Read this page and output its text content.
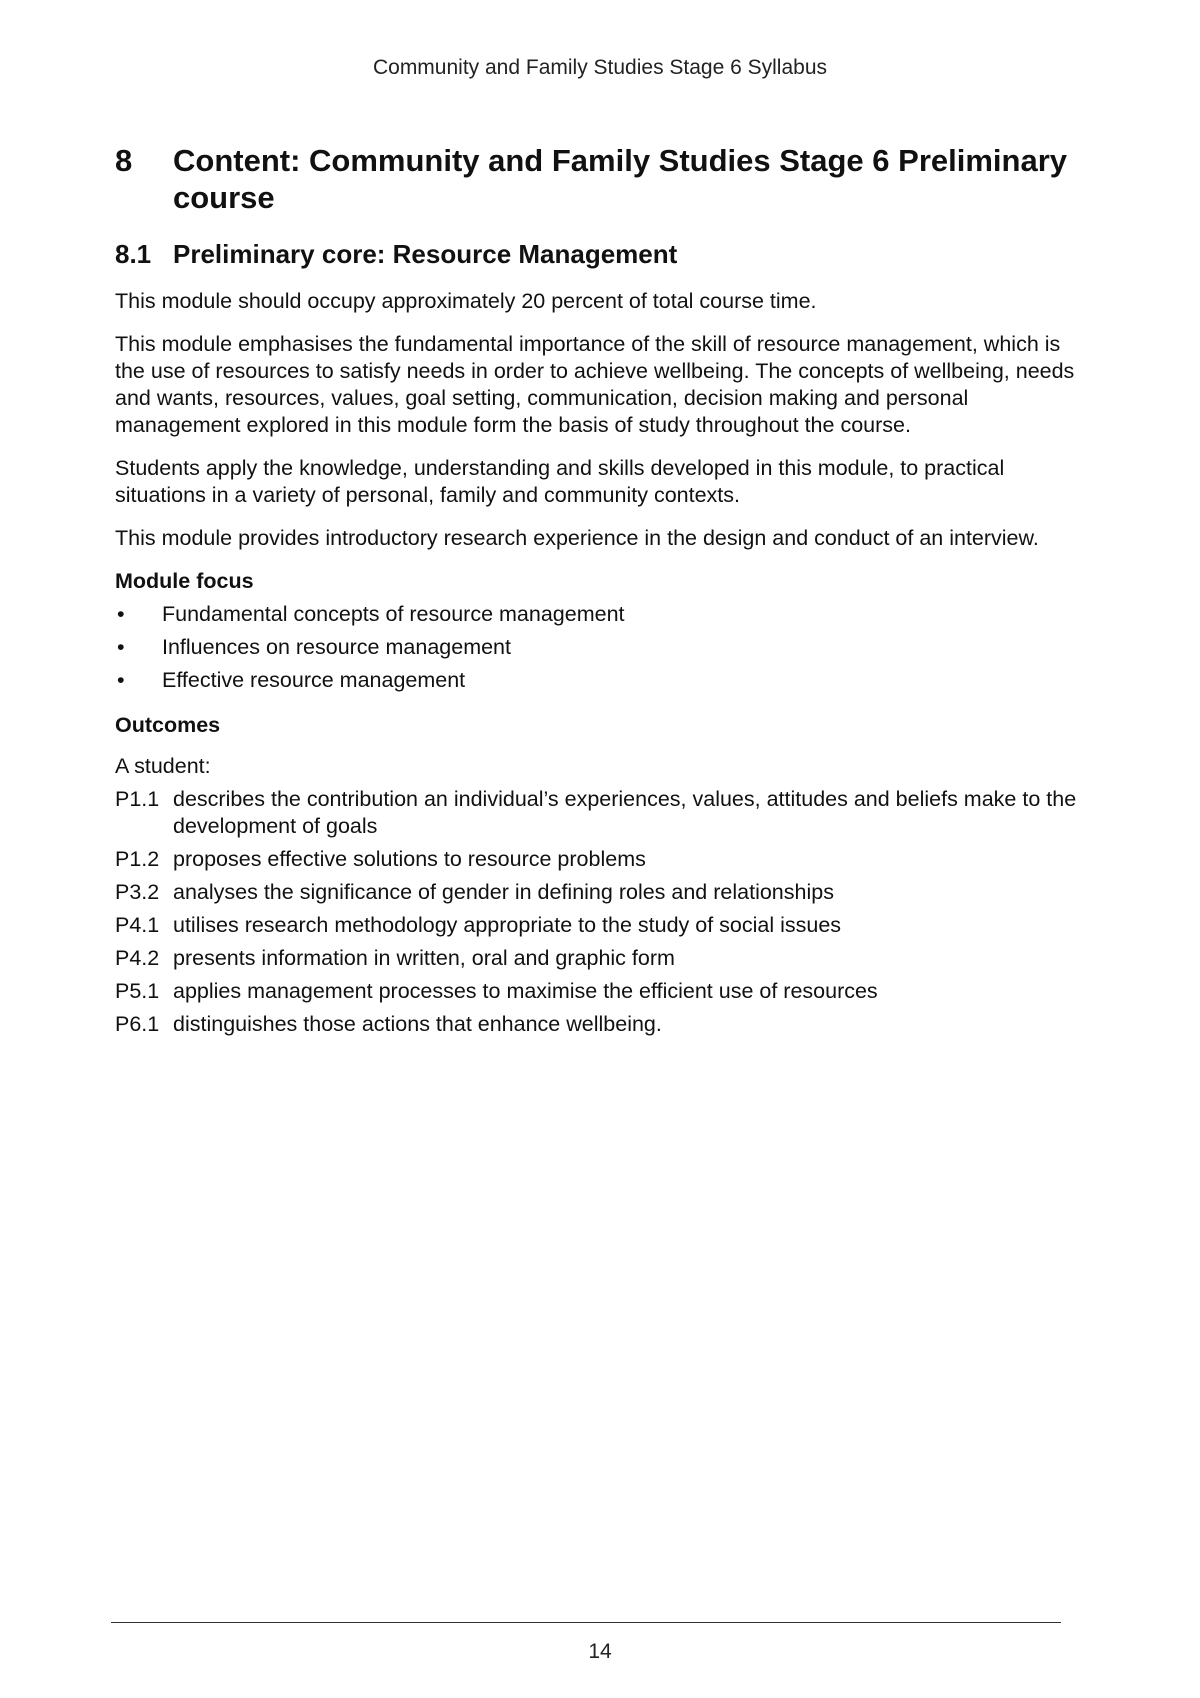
Community and Family Studies Stage 6 Syllabus
8	Content: Community and Family Studies Stage 6 Preliminary course
8.1 Preliminary core: Resource Management

This module should occupy approximately 20 percent of total course time.

This module emphasises the fundamental importance of the skill of resource management, which is the use of resources to satisfy needs in order to achieve wellbeing. The concepts of wellbeing, needs and wants, resources, values, goal setting, communication, decision making and personal management explored in this module form the basis of study throughout the course.

Students apply the knowledge, understanding and skills developed in this module, to practical situations in a variety of personal, family and community contexts.

This module provides introductory research experience in the design and conduct of an interview.

Module focus
•	Fundamental concepts of resource management
•	Influences on resource management
•	Effective resource management
Outcomes
A student:
P1.1 describes the contribution an individual’s experiences, values, attitudes and beliefs make to the development of goals
P1.2 proposes effective solutions to resource problems
P3.2 analyses the significance of gender in defining roles and relationships
P4.1 utilises research methodology appropriate to the study of social issues
P4.2 presents information in written, oral and graphic form
P5.1 applies management processes to maximise the efficient use of resources
P6.1 distinguishes those actions that enhance wellbeing.
14
